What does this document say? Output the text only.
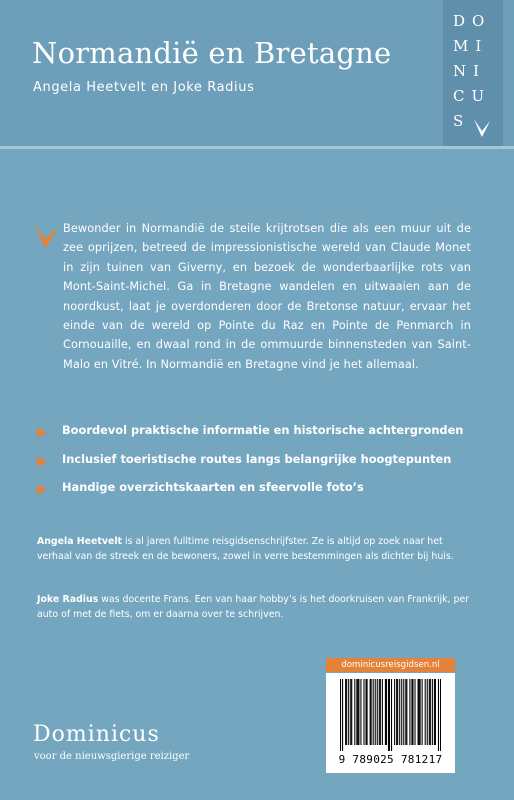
Normandië en Bretagne

Angela Heetvelt en Joke Radius

DO
MI
NI
CU
S

Bewonder in Normandië de steile krijtrotsen die als een muur uit de zee oprijzen, betreed de impressionistische wereld van Claude Monet in zijn tuinen van Giverny, en bezoek de wonderbaarlijke rots van Mont-Saint-Michel. Ga in Bretagne wandelen en uitwaaien aan de noordkust, laat je overdonderen door de Bretonse natuur, ervaar het einde van de wereld op Pointe du Raz en Pointe de Penmarch in Cornouaille, en dwaal rond in de ommuurde binnensteden van Saint-Malo en Vitré. In Normandië en Bretagne vind je het allemaal.

Boordevol praktische informatie en historische achtergronden
Inclusief toeristische routes langs belangrijke hoogtepunten
Handige overzichtskaarten en sfeervolle foto’s

Angela Heetvelt is al jaren fulltime reisgidsenschrijfster. Ze is altijd op zoek naar het verhaal van de streek en de bewoners, zowel in verre bestemmingen als dichter bij huis.

Joke Radius was docente Frans. Een van haar hobby’s is het doorkruisen van Frankrijk, per auto of met de fiets, om er daarna over te schrijven.

dominicusreisgidsen.nl
9 789025 781217

Dominicus

voor de nieuwsgierige reiziger
